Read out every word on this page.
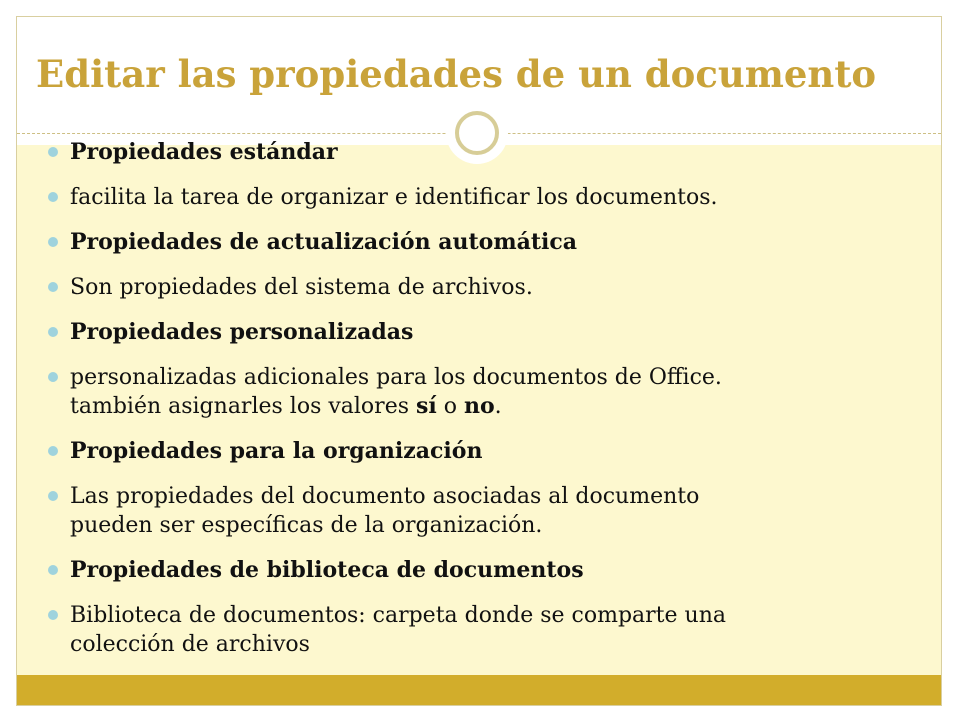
Editar las propiedades de un documento
Propiedades estándar
facilita la tarea de organizar e identificar los documentos.
Propiedades de actualización automática
Son propiedades del sistema de archivos.
Propiedades personalizadas
personalizadas adicionales para los documentos de Office.
también asignarles los valores sí o no.
Propiedades para la organización
Las propiedades del documento asociadas al documento
pueden ser específicas de la organización.
Propiedades de biblioteca de documentos
Biblioteca de documentos: carpeta donde se comparte una
colección de archivos
